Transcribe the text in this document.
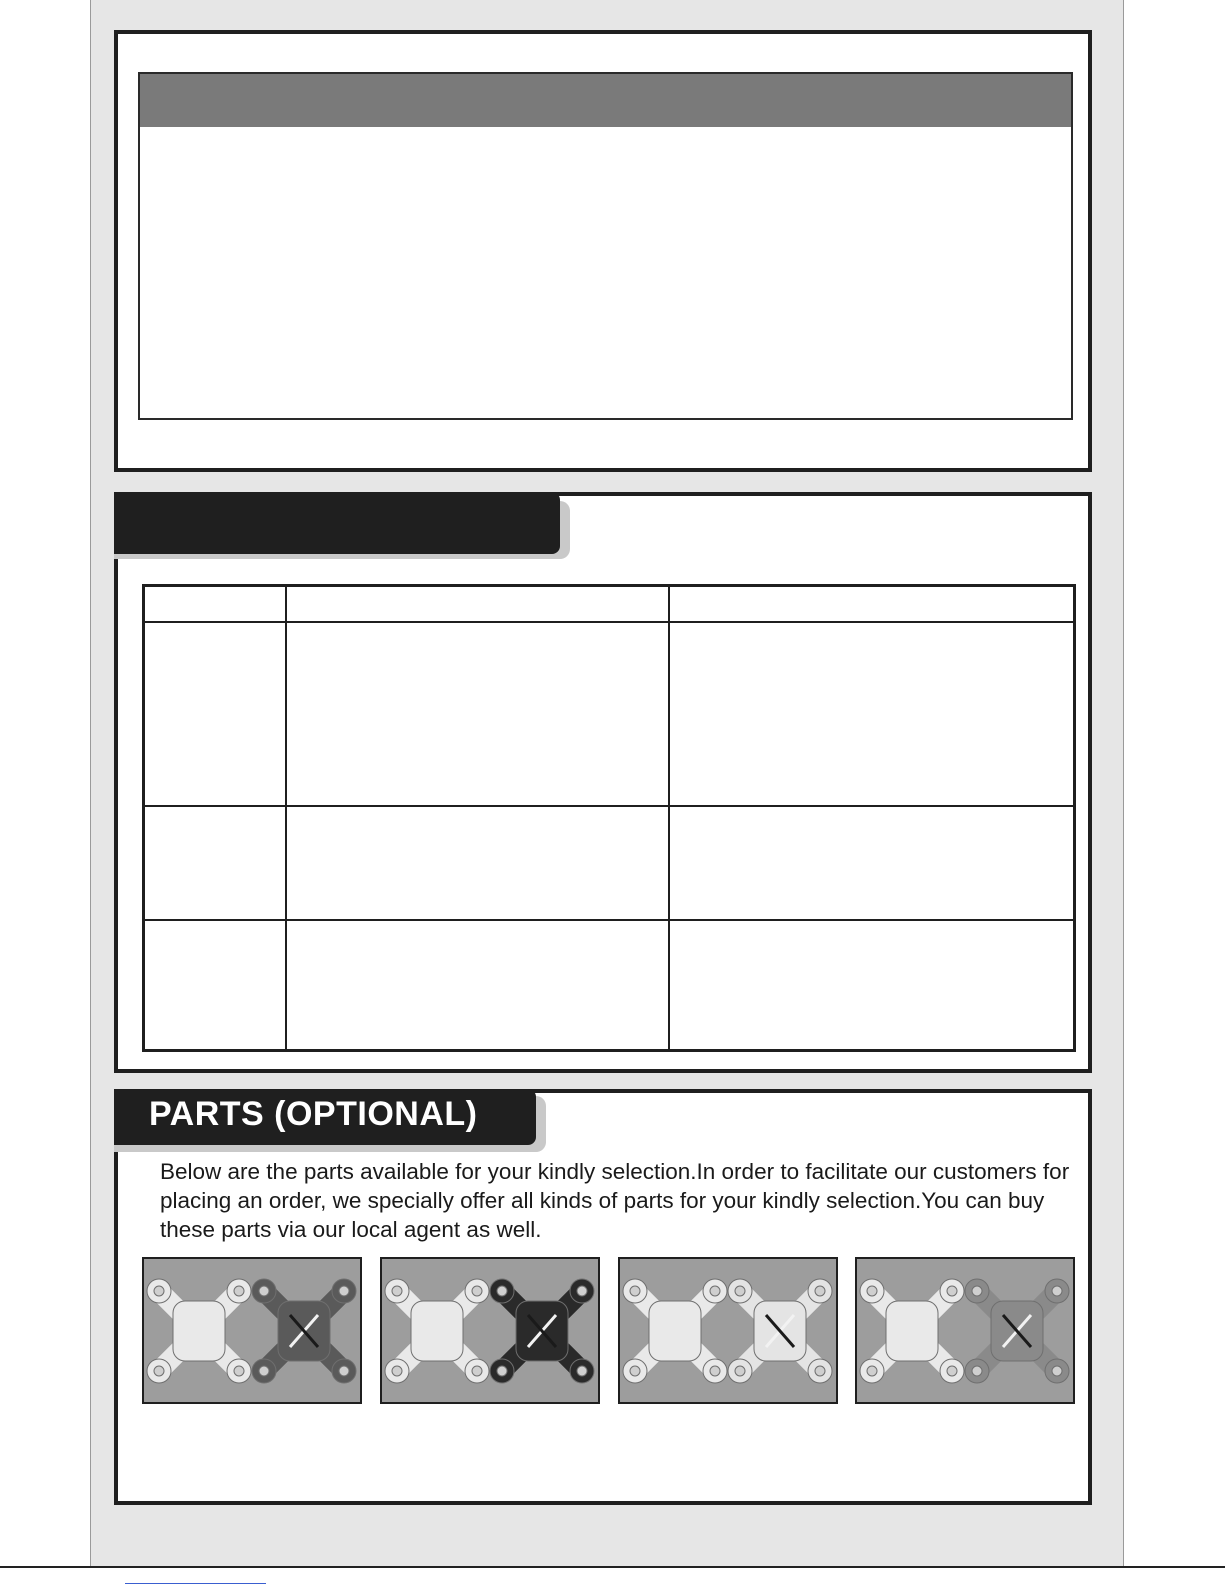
PARTS (OPTIONAL)

Below are the parts available for your kindly selection.In order to facilitate our customers for placing an order, we specially offer all kinds of parts for your kindly selection.You can buy these parts via our local agent as well.
